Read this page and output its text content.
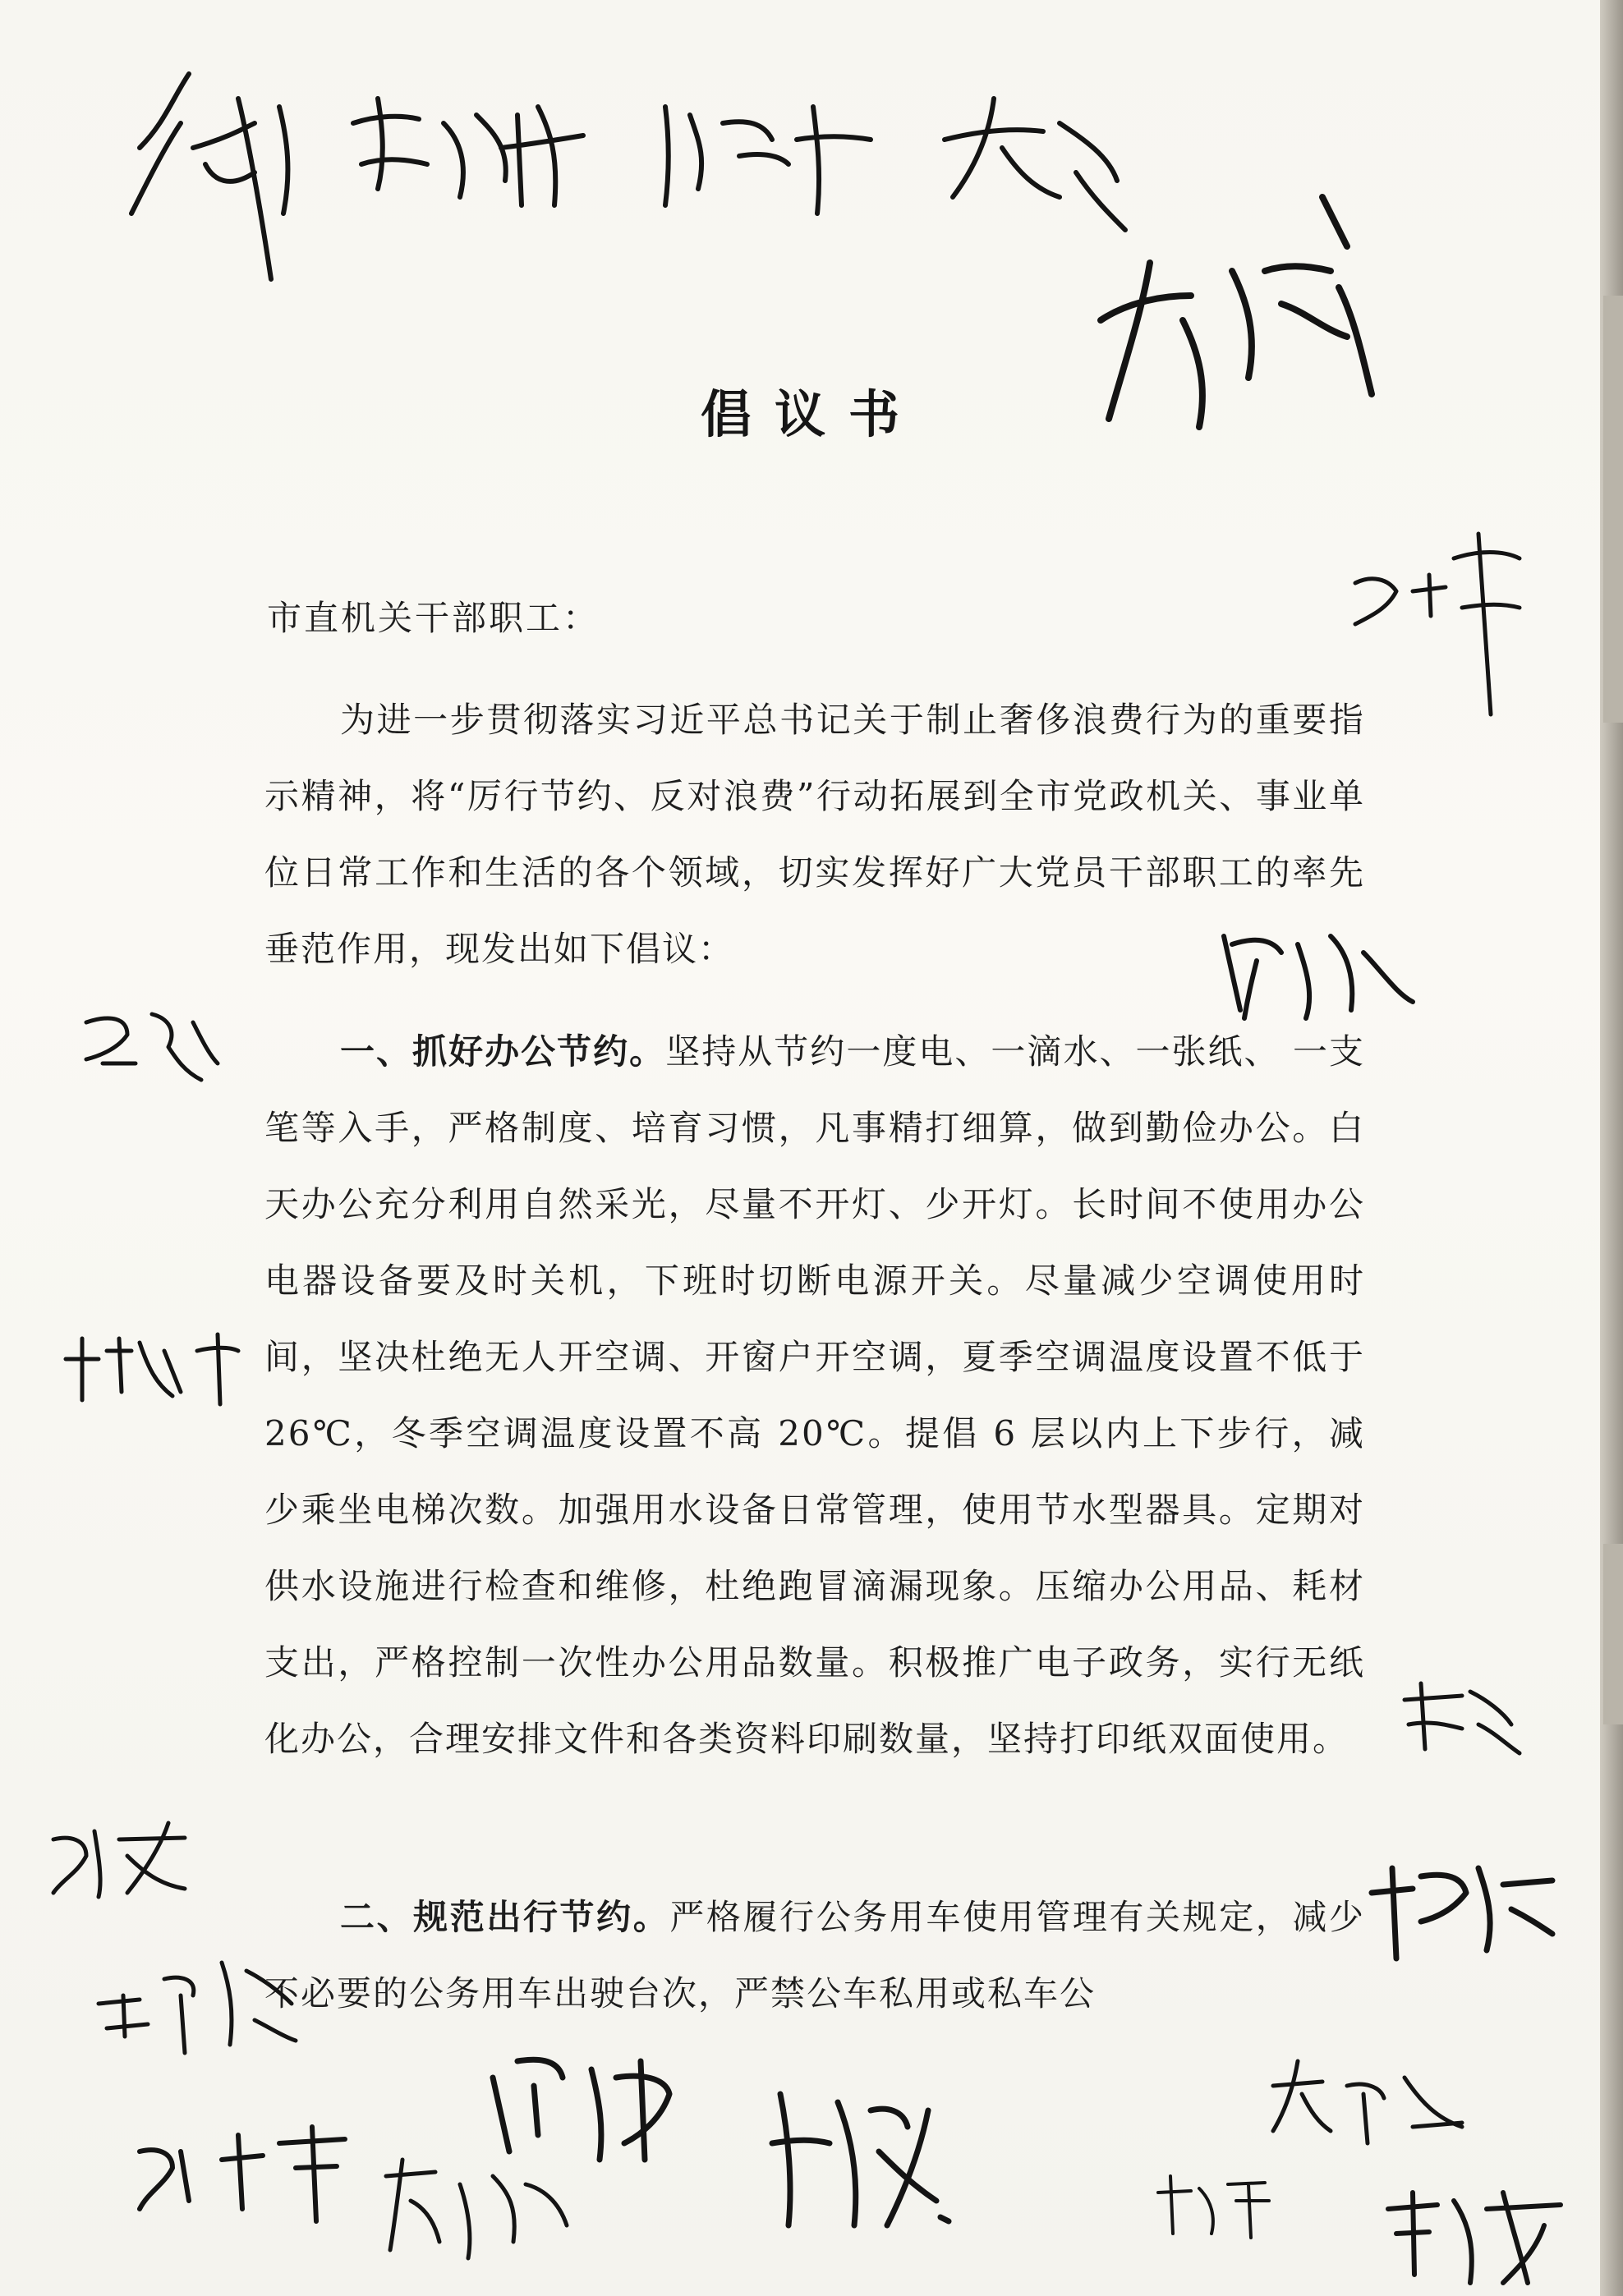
倡议书

市直机关干部职工：

为进一步贯彻落实习近平总书记关于制止奢侈浪费行为的重要指示精神，将“厉行节约、反对浪费”行动拓展到全市党政机关、事业单位日常工作和生活的各个领域，切实发挥好广大党员干部职工的率先垂范作用，现发出如下倡议：

一、抓好办公节约。坚持从节约一度电、一滴水、一张纸、 一支笔等入手，严格制度、培育习惯，凡事精打细算，做到勤俭办公。白天办公充分利用自然采光，尽量不开灯、少开灯。长时间不使用办公电器设备要及时关机，下班时切断电源开关。尽量减少空调使用时间，坚决杜绝无人开空调、开窗户开空调，夏季空调温度设置不低于 26℃，冬季空调温度设置不高 20℃。提倡 6 层以内上下步行，减少乘坐电梯次数。加强用水设备日常管理，使用节水型器具。定期对供水设施进行检查和维修，杜绝跑冒滴漏现象。压缩办公用品、耗材支出，严格控制一次性办公用品数量。积极推广电子政务，实行无纸化办公，合理安排文件和各类资料印刷数量，坚持打印纸双面使用。

二、规范出行节约。严格履行公务用车使用管理有关规定，减少不必要的公务用车出驶台次，严禁公车私用或私车公
